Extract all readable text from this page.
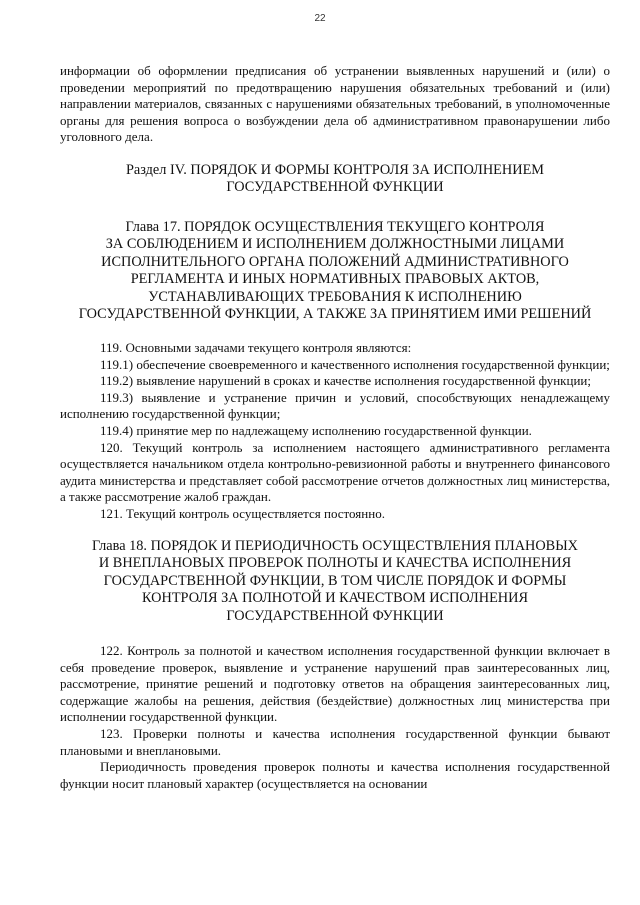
22

информации об оформлении предписания об устранении выявленных нарушений и (или) о проведении мероприятий по предотвращению нарушения обязательных требований и (или) направлении материалов, связанных с нарушениями обязательных требований, в уполномоченные органы для решения вопроса о возбуждении дела об административном правонарушении либо уголовного дела.

Раздел IV. ПОРЯДОК И ФОРМЫ КОНТРОЛЯ ЗА ИСПОЛНЕНИЕМ

ГОСУДАРСТВЕННОЙ ФУНКЦИИ

Глава 17. ПОРЯДОК ОСУЩЕСТВЛЕНИЯ ТЕКУЩЕГО КОНТРОЛЯ

ЗА СОБЛЮДЕНИЕМ И ИСПОЛНЕНИЕМ ДОЛЖНОСТНЫМИ ЛИЦАМИ

ИСПОЛНИТЕЛЬНОГО ОРГАНА ПОЛОЖЕНИЙ АДМИНИСТРАТИВНОГО

РЕГЛАМЕНТА И ИНЫХ НОРМАТИВНЫХ ПРАВОВЫХ АКТОВ,

УСТАНАВЛИВАЮЩИХ ТРЕБОВАНИЯ К ИСПОЛНЕНИЮ

ГОСУДАРСТВЕННОЙ ФУНКЦИИ, А ТАКЖЕ ЗА ПРИНЯТИЕМ ИМИ РЕШЕНИЙ

119. Основными задачами текущего контроля являются:

119.1) обеспечение своевременного и качественного исполнения государственной функции;

119.2) выявление нарушений в сроках и качестве исполнения государственной функции;

119.3) выявление и устранение причин и условий, способствующих ненадлежащему исполнению государственной функции;

119.4) принятие мер по надлежащему исполнению государственной функции.

120. Текущий контроль за исполнением настоящего административного регламента осуществляется начальником отдела контрольно-ревизионной работы и внутреннего финансового аудита министерства и представляет собой рассмотрение отчетов должностных лиц министерства, а также рассмотрение жалоб граждан.

121. Текущий контроль осуществляется постоянно.

Глава 18. ПОРЯДОК И ПЕРИОДИЧНОСТЬ ОСУЩЕСТВЛЕНИЯ ПЛАНОВЫХ

И ВНЕПЛАНОВЫХ ПРОВЕРОК ПОЛНОТЫ И КАЧЕСТВА ИСПОЛНЕНИЯ

ГОСУДАРСТВЕННОЙ ФУНКЦИИ, В ТОМ ЧИСЛЕ ПОРЯДОК И ФОРМЫ

КОНТРОЛЯ ЗА ПОЛНОТОЙ И КАЧЕСТВОМ ИСПОЛНЕНИЯ

ГОСУДАРСТВЕННОЙ ФУНКЦИИ

122. Контроль за полнотой и качеством исполнения государственной функции включает в себя проведение проверок, выявление и устранение нарушений прав заинтересованных лиц, рассмотрение, принятие решений и подготовку ответов на обращения заинтересованных лиц, содержащие жалобы на решения, действия (бездействие) должностных лиц министерства при исполнении государственной функции.

123. Проверки полноты и качества исполнения государственной функции бывают плановыми и внеплановыми.

Периодичность проведения проверок полноты и качества исполнения государственной функции носит плановый характер (осуществляется на основании
